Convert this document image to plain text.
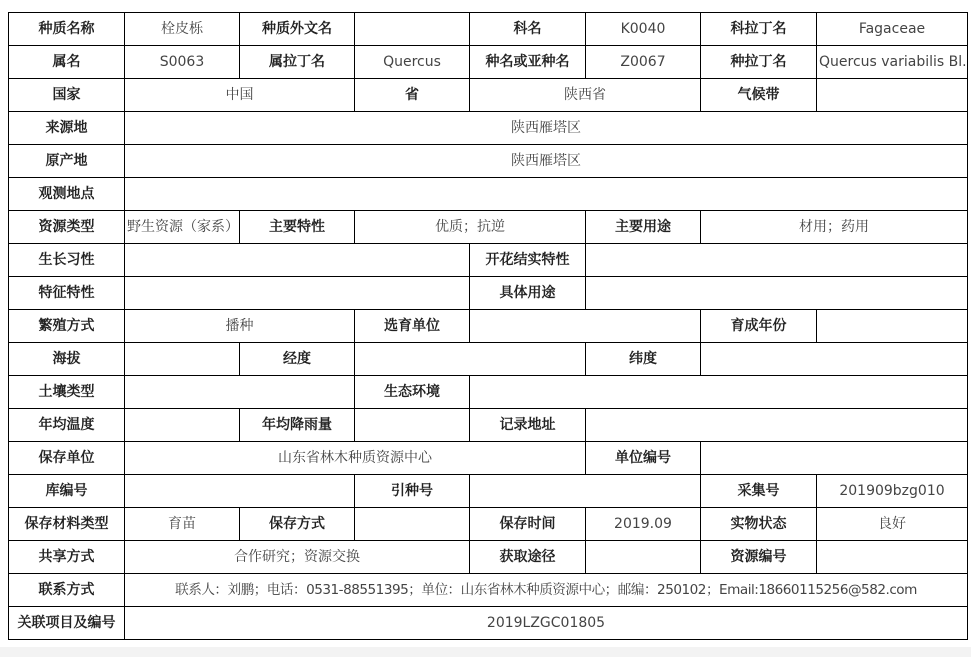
种质名称	栓皮栎	种质外文名		科名	K0040	科拉丁名	Fagaceae
属名	S0063	属拉丁名	Quercus	种名或亚种名	Z0067	种拉丁名	Quercus variabilis Bl.
国家	中国		省	陕西省		气候带	
来源地	陕西雁塔区						
原产地	陕西雁塔区						
观测地点							
资源类型	野生资源（家系）	主要特性	优质；抗逆		主要用途	材用；药用	
生长习性				开花结实特性			
特征特性				具体用途			
繁殖方式	播种		选育单位			育成年份	
海拔		经度			纬度		
土壤类型			生态环境				
年均温度		年均降雨量		记录地址			
保存单位	山东省林木种质资源中心				单位编号		
库编号			引种号			采集号	201909bzg010
保存材料类型	育苗	保存方式		保存时间	2019.09	实物状态	良好
共享方式	合作研究；资源交换			获取途径		资源编号	
联系方式	联系人：刘鹏；电话：0531-88551395；单位：山东省林木种质资源中心；邮编：250102；Email:18660115256@582.com						
关联项目及编号	2019LZGC01805						
